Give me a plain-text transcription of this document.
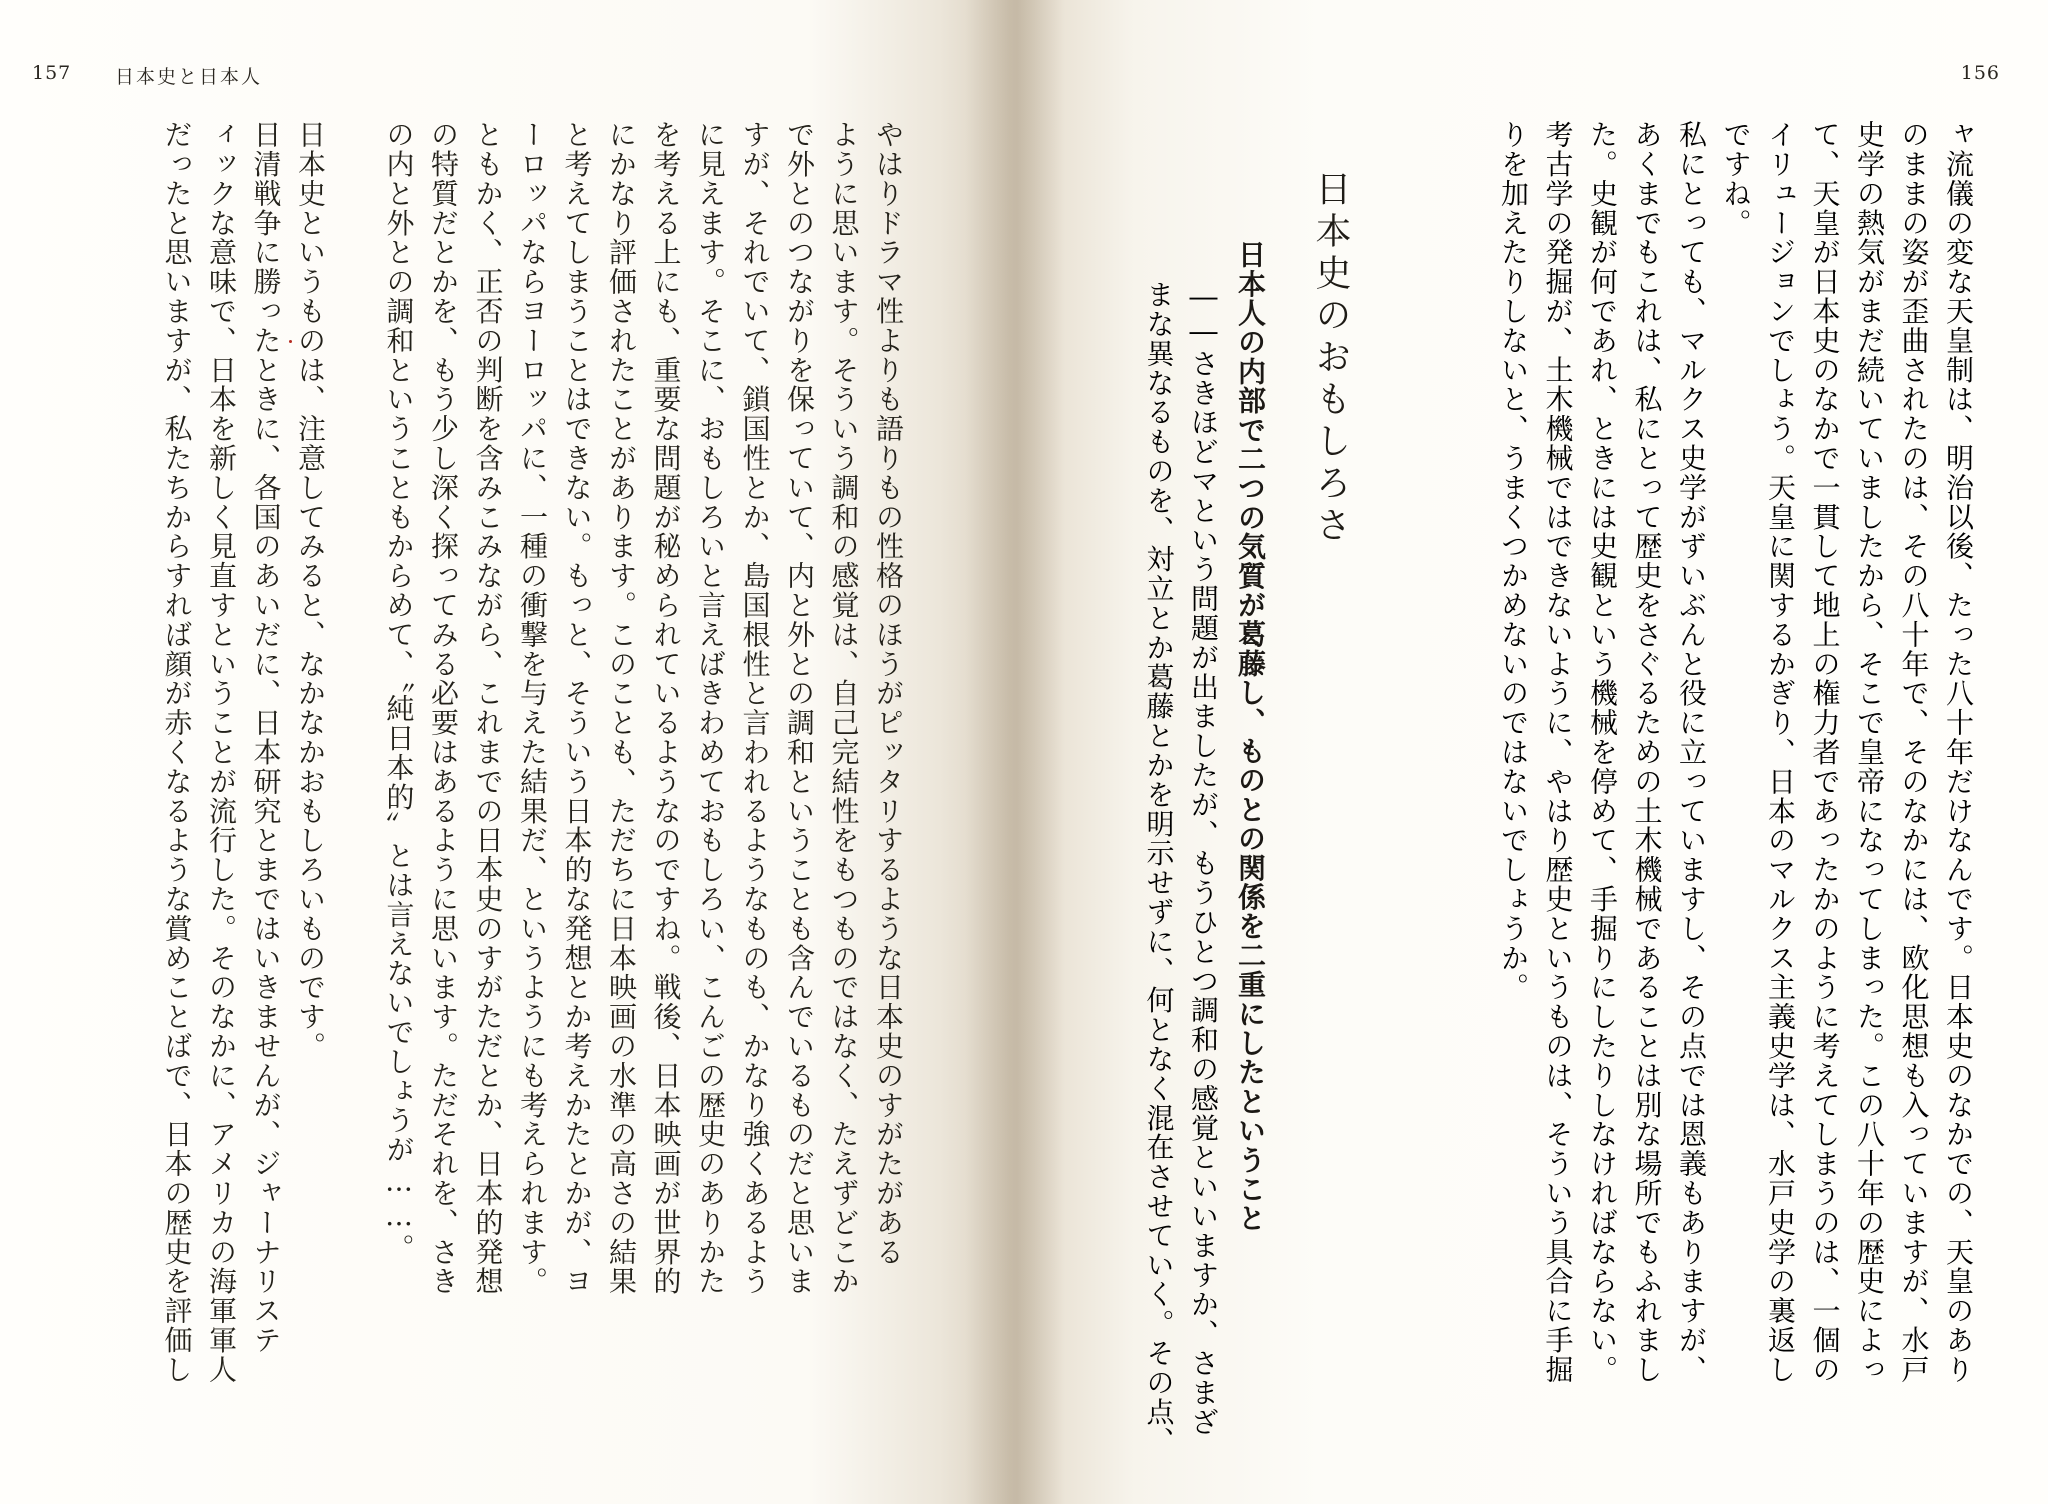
157 日本史と日本人
やはりドラマ性よりも語りもの性格のほうがピッタリするような日本史のすがたがある
ように思います。そういう調和の感覚は、自己完結性をもつものではなく、たえずどこか
で外とのつながりを保っていて、内と外との調和ということも含んでいるものだと思いま
すが、それでいて、鎖国性とか、島国根性と言われるようなものも、かなり強くあるよう
に見えます。そこに、おもしろいと言えばきわめておもしろい、こんごの歴史のありかた
を考える上にも、重要な問題が秘められているようなのですね。戦後、日本映画が世界的
にかなり評価されたことがあります。このことも、ただちに日本映画の水準の高さの結果
と考えてしまうことはできない。もっと、そういう日本的な発想とか考えかたとかが、ヨ
ーロッパならヨーロッパに、一種の衝撃を与えた結果だ、というようにも考えられます。
ともかく、正否の判断を含みこみながら、これまでの日本史のすがただとか、日本的発想
の特質だとかを、もう少し深く探ってみる必要はあるように思います。ただそれを、さき
の内と外との調和ということもからめて、〝純日本的〟とは言えないでしょうが……。
日本史というものは、注意してみると、なかなかおもしろいものです。
日清戦争に勝ったときに、各国のあいだに、日本研究とまではいきませんが、ジャーナリステ
ィックな意味で、日本を新しく見直すということが流行した。そのなかに、アメリカの海軍軍人
だったと思いますが、私たちからすれば顔が赤くなるような賞めことばで、日本の歴史を評価し
156
ャ流儀の変な天皇制は、明治以後、たった八十年だけなんです。日本史のなかでの、天皇のあり
のままの姿が歪曲されたのは、その八十年で、そのなかには、欧化思想も入っていますが、水戸
史学の熱気がまだ続いていましたから、そこで皇帝になってしまった。この八十年の歴史によっ
て、天皇が日本史のなかで一貫して地上の権力者であったかのように考えてしまうのは、一個の
イリュージョンでしょう。天皇に関するかぎり、日本のマルクス主義史学は、水戸史学の裏返し
ですね。
私にとっても、マルクス史学がずいぶんと役に立っていますし、その点では恩義もありますが、
あくまでもこれは、私にとって歴史をさぐるための土木機械であることは別な場所でもふれまし
た。史観が何であれ、ときには史観という機械を停めて、手掘りにしたりしなければならない。
考古学の発掘が、土木機械ではできないように、やはり歴史というものは、そういう具合に手掘
りを加えたりしないと、うまくつかめないのではないでしょうか。
日本史のおもしろさ
日本人の内部で二つの気質が葛藤し、ものとの関係を二重にしたということ
――さきほどマという問題が出ましたが、もうひとつ調和の感覚といいますか、さまざ
まな異なるものを、対立とか葛藤とかを明示せずに、何となく混在させていく。その点、
